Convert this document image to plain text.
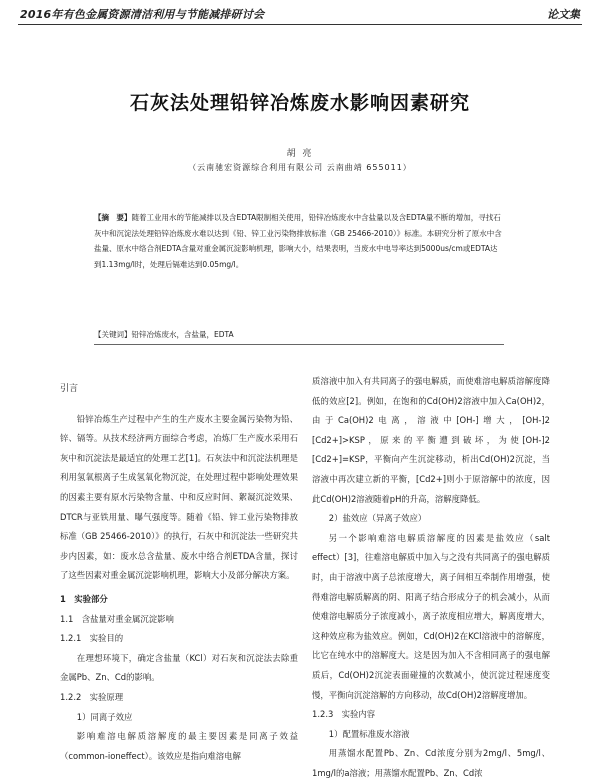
2016年有色金属资源清洁利用与节能减排研讨会	论文集
石灰法处理铅锌冶炼废水影响因素研究
胡 亮
（云南驰宏资源综合利用有限公司 云南曲靖 655011）
【摘　要】随着工业用水的节能减排以及含EDTA限制相关使用，铅锌冶炼废水中含盐量以及含EDTA量不断的增加，寻找石灰中和沉淀法处理铅锌冶炼废水难以达到《铅、锌工业污染物排放标准（GB 25466-2010）》标准。本研究分析了原水中含盐量、原水中络合剂EDTA含量对重金属沉淀影响机理，影响大小，结果表明，当废水中电导率达到5000us/cm或EDTA达到1.13mg/l时，处理后镉难达到0.05mg/l。
【关键词】铅锌冶炼废水，含盐量，EDTA
引言

铅锌冶炼生产过程中产生的生产废水主要金属污染物为铅、锌、镉等。从技术经济两方面综合考虑，冶炼厂生产废水采用石灰中和沉淀法是最适宜的处理工艺[1]。石灰法中和沉淀法机理是利用氢氧根离子生成氢氧化物沉淀，在处理过程中影响处理效果的因素主要有原水污染物含量、中和反应时间、絮凝沉淀效果、DTCR与亚铁用量、曝气强度等。随着《铅、锌工业污染物排放标准（GB 25466-2010）》的执行，石灰中和沉淀法一些研究共步内因素，如：废水总含盐量、废水中络合剂ETDA含量，探讨了这些因素对重金属沉淀影响机理，影响大小及部分解决方案。

1　实验部分
1.1　含盐量对重金属沉淀影响
1.2.1　实验目的

在理想环境下，确定含盐量（KCl）对石灰和沉淀法去除重金属Pb、Zn、Cd的影响。

1.2.2　实验原理

1）同离子效应

影响难溶电解质溶解度的最主要因素是同离子效益（common-ioneffect）。该效应是指向难溶电解

质溶液中加入有共同离子的强电解质，而使难溶电解质溶解度降低的效应[2]。例如，在饱和的Cd(OH)2溶液中加入Ca(OH)2，由于Ca(OH)2电离，溶液中[OH-]增大，[OH-]2 [Cd2+]>KSP，原来的平衡遭到破坏，为使[OH-]2 [Cd2+]=KSP，平衡向产生沉淀移动，析出Cd(OH)2沉淀，当溶液中再次建立新的平衡，[Cd2+]则小于原溶解中的浓度，因此Cd(OH)2溶液随着pH的升高，溶解度降低。

2）盐效应（异离子效应）

另一个影响难溶电解质溶解度的因素是盐效应（salt effect）[3]，往难溶电解质中加入与之没有共同离子的强电解质时，由于溶液中离子总浓度增大，离子间相互牵制作用增强，使得难溶电解质解离的阴、阳离子结合形成分子的机会减小，从而使难溶电解质分子浓度减小，离子浓度相应增大，解离度增大，这种效应称为盐效应。例如，Cd(OH)2在KCl溶液中的溶解度，比它在纯水中的溶解度大。这是因为加入不含相同离子的强电解质后，Cd(OH)2沉淀表面碰撞的次数减小，使沉淀过程速度变慢，平衡向沉淀溶解的方向移动，故Cd(OH)2溶解度增加。

1.2.3　实验内容

1）配置标准废水溶液

用蒸馏水配置Pb、Zn、Cd浓度分别为2mg/l、5mg/l、1mg/l的a溶液；用蒸馏水配置Pb、Zn、Cd浓
